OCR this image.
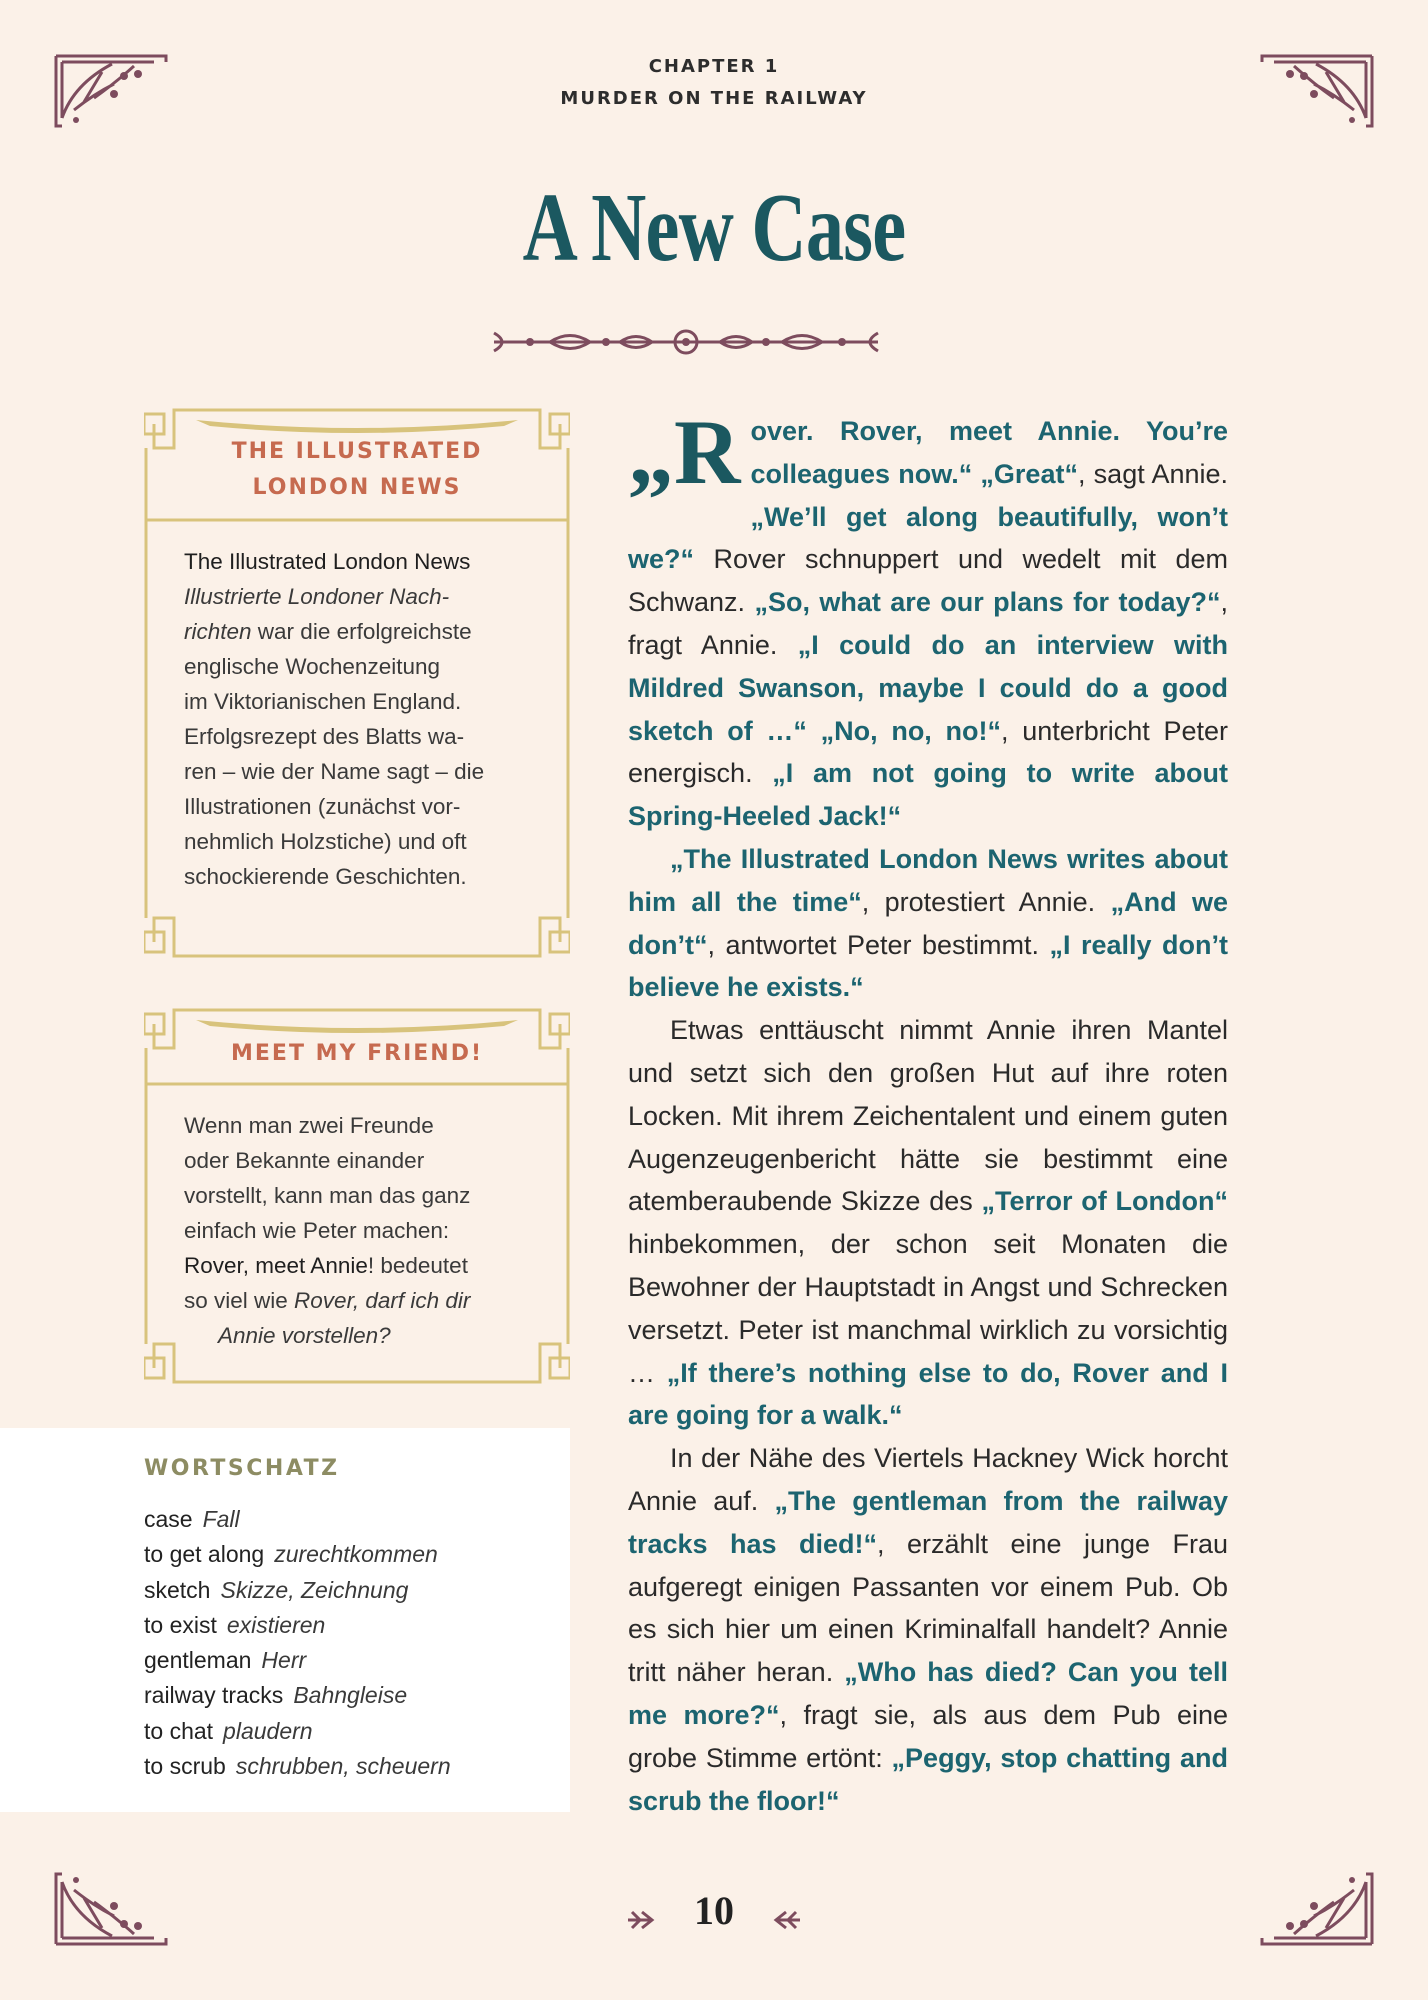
CHAPTER 1
MURDER ON THE RAILWAY
A New Case
THE ILLUSTRATED
LONDON NEWS
The Illustrated London News
Illustrierte Londoner Nach-
richten war die erfolgreichste
englische Wochenzeitung
im Viktorianischen England.
Erfolgsrezept des Blatts wa-
ren – wie der Name sagt – die
Illustrationen (zunächst vor-
nehmlich Holzstiche) und oft
schockierende Geschichten.
MEET MY FRIEND!
Wenn man zwei Freunde
oder Bekannte einander
vorstellt, kann man das ganz
einfach wie Peter machen:
Rover, meet Annie! bedeutet
so viel wie Rover, darf ich dir
Annie vorstellen?
WORTSCHATZ
case Fall
to get along zurechtkommen
sketch Skizze, Zeichnung
to exist existieren
gentleman Herr
railway tracks Bahngleise
to chat plaudern
to scrub schrubben, scheuern

„Rover. Rover, meet Annie. You’re colleagues now.“ „Great“, sagt Annie. „We’ll get along beautifully, won’t we?“ Rover schnuppert und wedelt mit dem Schwanz. „So, what are our plans for today?“, fragt Annie. „I could do an interview with Mildred Swanson, maybe I could do a good sketch of …“ „No, no, no!“, unterbricht Peter energisch. „I am not going to write about Spring-Heeled Jack!“

„The Illustrated London News writes about him all the time“, protestiert Annie. „And we don’t“, antwortet Peter bestimmt. „I really don’t believe he exists.“

Etwas enttäuscht nimmt Annie ihren Mantel und setzt sich den großen Hut auf ihre roten Locken. Mit ihrem Zeichentalent und einem guten Augenzeugenbericht hätte sie bestimmt eine atemberaubende Skizze des „Terror of London“ hinbekommen, der schon seit Monaten die Bewohner der Hauptstadt in Angst und Schrecken versetzt. Peter ist manchmal wirklich zu vorsichtig … „If there’s nothing else to do, Rover and I are going for a walk.“

In der Nähe des Viertels Hackney Wick horcht Annie auf. „The gentleman from the railway tracks has died!“, erzählt eine junge Frau aufgeregt einigen Passanten vor einem Pub. Ob es sich hier um einen Kriminalfall handelt? Annie tritt näher heran. „Who has died? Can you tell me more?“, fragt sie, als aus dem Pub eine grobe Stimme ertönt: „Peggy, stop chatting and scrub the floor!“

10
